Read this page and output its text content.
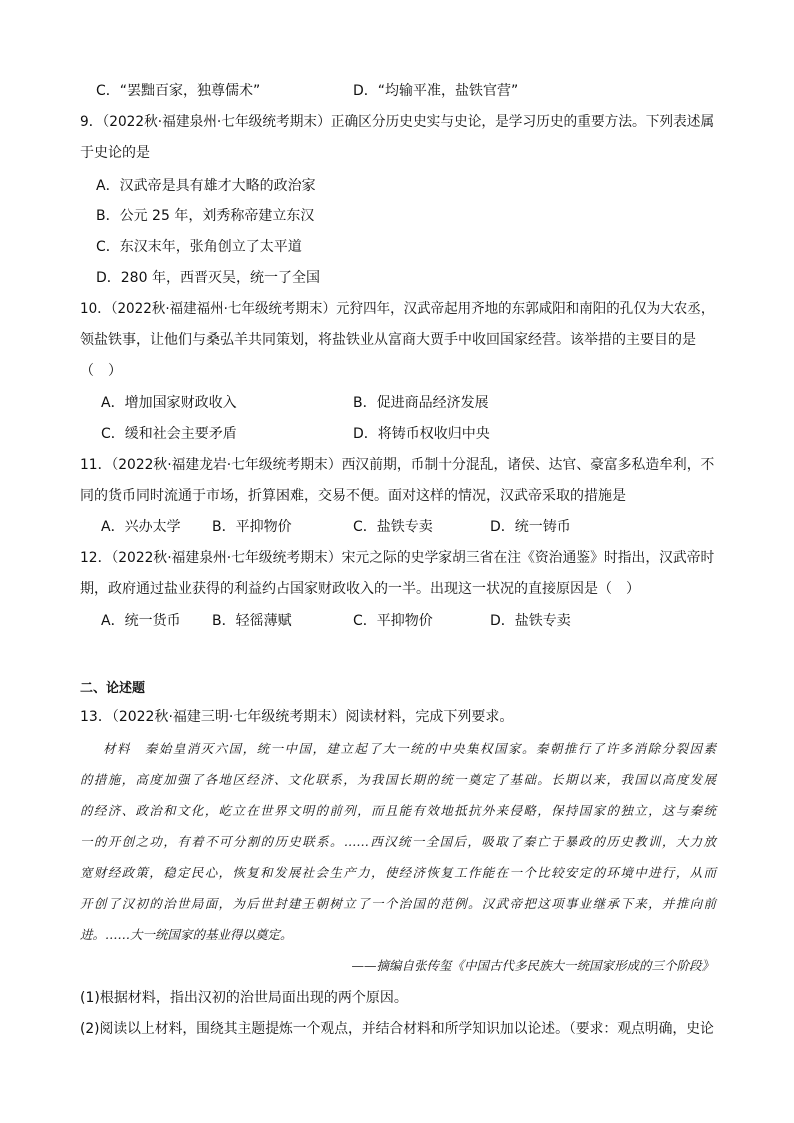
C．“罢黜百家，独尊儒术”	D．“均输平准，盐铁官营”
9．（2022秋·福建泉州·七年级统考期末）正确区分历史史实与史论，是学习历史的重要方法。下列表述属
于史论的是
A．汉武帝是具有雄才大略的政治家
B．公元 25 年，刘秀称帝建立东汉
C．东汉末年，张角创立了太平道
D．280 年，西晋灭吴，统一了全国
10．（2022秋·福建福州·七年级统考期末）元狩四年，汉武帝起用齐地的东郭咸阳和南阳的孔仅为大农丞，
领盐铁事，让他们与桑弘羊共同策划，将盐铁业从富商大贾手中收回国家经营。该举措的主要目的是
（　）
A．增加国家财政收入	B．促进商品经济发展
C．缓和社会主要矛盾	D．将铸币权收归中央
11．（2022秋·福建龙岩·七年级统考期末）西汉前期，币制十分混乱，诸侯、达官、豪富多私造牟利，不
同的货币同时流通于市场，折算困难，交易不便。面对这样的情况，汉武帝采取的措施是
A．兴办太学 B．平抑物价	C．盐铁专卖	D．统一铸币
12．（2022秋·福建泉州·七年级统考期末）宋元之际的史学家胡三省在注《资治通鉴》时指出，汉武帝时
期，政府通过盐业获得的利益约占国家财政收入的一半。出现这一状况的直接原因是（　）
A．统一货币 B．轻徭薄赋	C．平抑物价	D．盐铁专卖
二、论述题
13．（2022秋·福建三明·七年级统考期末）阅读材料，完成下列要求。
材料　秦始皇消灭六国，统一中国，建立起了大一统的中央集权国家。秦朝推行了许多消除分裂因素
的措施，高度加强了各地区经济、文化联系，为我国长期的统一奠定了基础。长期以来，我国以高度发展
的经济、政治和文化，屹立在世界文明的前列，而且能有效地抵抗外来侵略，保持国家的独立，这与秦统
一的开创之功，有着不可分割的历史联系。……西汉统一全国后，吸取了秦亡于暴政的历史教训，大力放
宽财经政策，稳定民心，恢复和发展社会生产力，使经济恢复工作能在一个比较安定的环境中进行，从而
开创了汉初的治世局面，为后世封建王朝树立了一个治国的范例。汉武帝把这项事业继承下来，并推向前
进。……大一统国家的基业得以奠定。
——摘编自张传玺《中国古代多民族大一统国家形成的三个阶段》
(1)根据材料，指出汉初的治世局面出现的两个原因。
(2)阅读以上材料，围绕其主题提炼一个观点，并结合材料和所学知识加以论述。（要求：观点明确，史论
